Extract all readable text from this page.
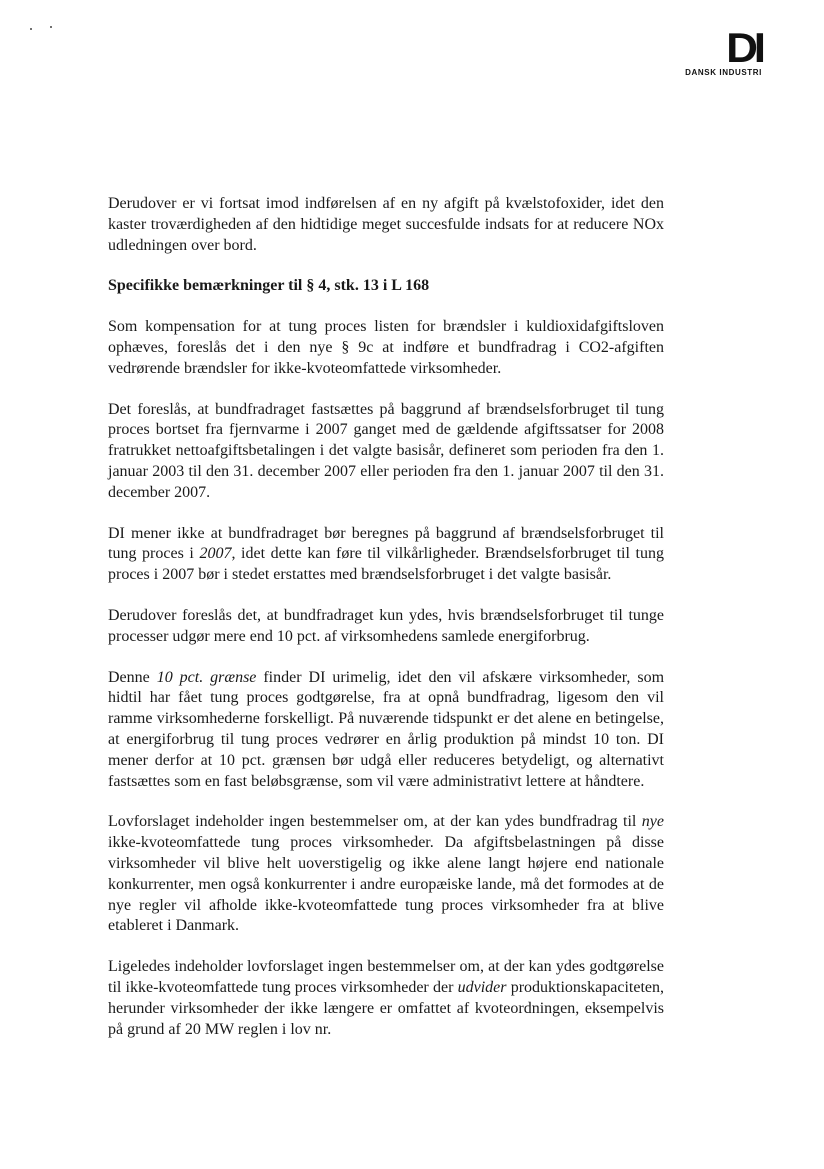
DI
DANSK INDUSTRI

Derudover er vi fortsat imod indførelsen af en ny afgift på kvælstofoxider, idet den kaster troværdigheden af den hidtidige meget succesfulde indsats for at reducere NOx udledningen over bord.

Specifikke bemærkninger til § 4, stk. 13 i L 168

Som kompensation for at tung proces listen for brændsler i kuldioxidafgiftsloven ophæves, foreslås det i den nye § 9c at indføre et bundfradrag i CO2-afgiften vedrørende brændsler for ikke-kvoteomfattede virksomheder.

Det foreslås, at bundfradraget fastsættes på baggrund af brændselsforbruget til tung proces bortset fra fjernvarme i 2007 ganget med de gældende afgiftssatser for 2008 fratrukket nettoafgiftsbetalingen i det valgte basisår, defineret som perioden fra den 1. januar 2003 til den 31. december 2007 eller perioden fra den 1. januar 2007 til den 31. december 2007.

DI mener ikke at bundfradraget bør beregnes på baggrund af brændselsforbruget til tung proces i 2007, idet dette kan føre til vilkårligheder. Brændselsforbruget til tung proces i 2007 bør i stedet erstattes med brændselsforbruget i det valgte basisår.

Derudover foreslås det, at bundfradraget kun ydes, hvis brændselsforbruget til tunge processer udgør mere end 10 pct. af virksomhedens samlede energiforbrug.

Denne 10 pct. grænse finder DI urimelig, idet den vil afskære virksomheder, som hidtil har fået tung proces godtgørelse, fra at opnå bundfradrag, ligesom den vil ramme virksomhederne forskelligt. På nuværende tidspunkt er det alene en betingelse, at energiforbrug til tung proces vedrører en årlig produktion på mindst 10 ton. DI mener derfor at 10 pct. grænsen bør udgå eller reduceres betydeligt, og alternativt fastsættes som en fast beløbsgrænse, som vil være administrativt lettere at håndtere.

Lovforslaget indeholder ingen bestemmelser om, at der kan ydes bundfradrag til nye ikke-kvoteomfattede tung proces virksomheder. Da afgiftsbelastningen på disse virksomheder vil blive helt uoverstigelig og ikke alene langt højere end nationale konkurrenter, men også konkurrenter i andre europæiske lande, må det formodes at de nye regler vil afholde ikke-kvoteomfattede tung proces virksomheder fra at blive etableret i Danmark.

Ligeledes indeholder lovforslaget ingen bestemmelser om, at der kan ydes godtgørelse til ikke-kvoteomfattede tung proces virksomheder der udvider produktionskapaciteten, herunder virksomheder der ikke længere er omfattet af kvoteordningen, eksempelvis på grund af 20 MW reglen i lov nr.
